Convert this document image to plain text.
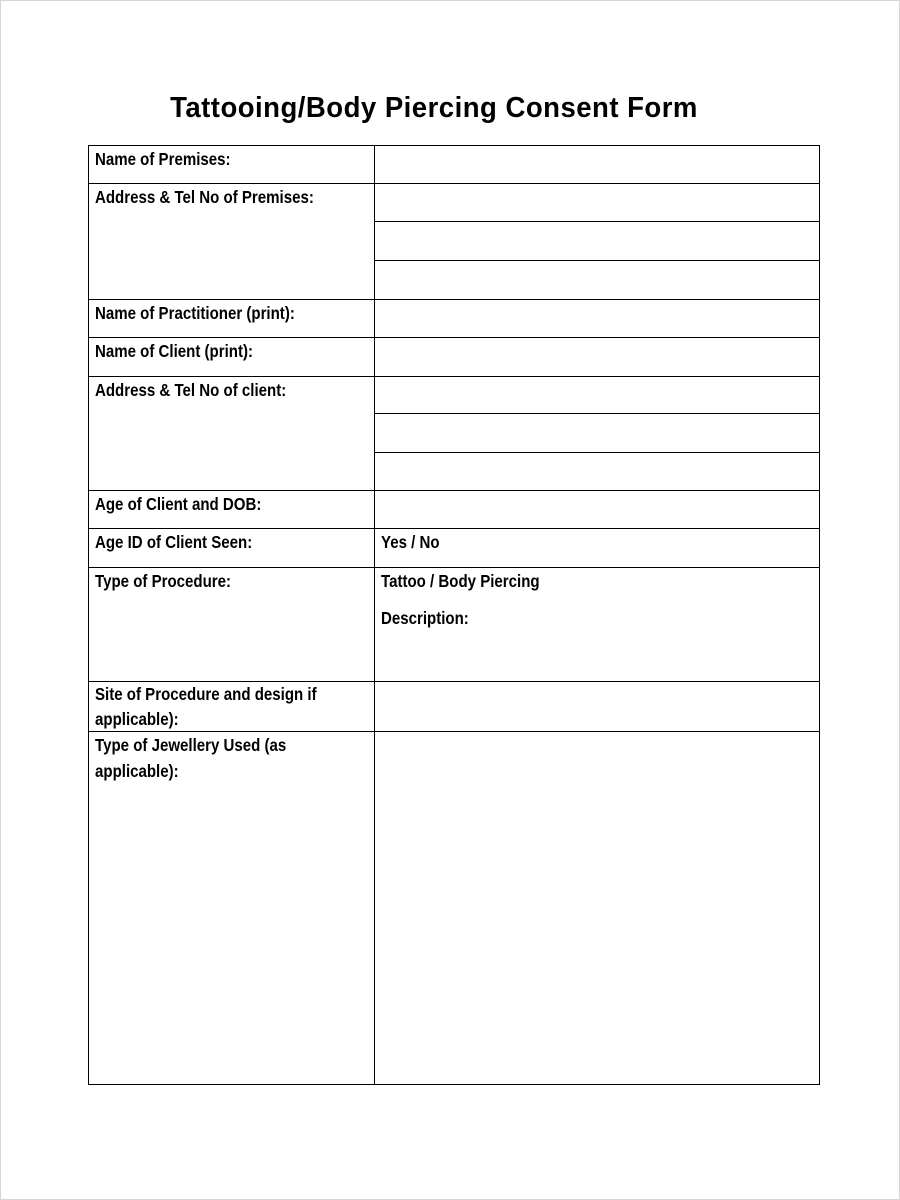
Tattooing/Body Piercing Consent Form
Name of Premises:
Address & Tel No of Premises:
Name of Practitioner (print):
Name of Client (print):
Address & Tel No of client:
Age of Client and DOB:
Age ID of Client Seen:
Type of Procedure:
Site of Procedure and design if
applicable):
Type of Jewellery Used (as
applicable):
Yes / No
Tattoo / Body Piercing
Description:
